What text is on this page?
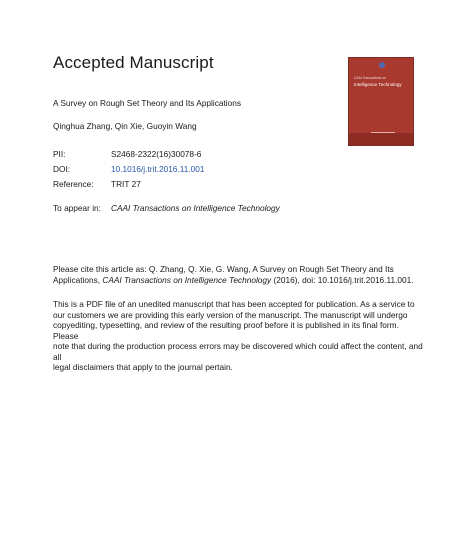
Accepted Manuscript
CAAI Transactions on
Intelligence Technology
A Survey on Rough Set Theory and Its Applications
Qinghua Zhang, Qin Xie, Guoyin Wang
PII:	S2468-2322(16)30078-6
DOI:	10.1016/j.trit.2016.11.001
Reference:	TRIT 27
To appear in:	CAAI Transactions on Intelligence Technology
Please cite this article as: Q. Zhang, Q. Xie, G. Wang, A Survey on Rough Set Theory and Its
Applications, CAAI Transactions on Intelligence Technology (2016), doi: 10.1016/j.trit.2016.11.001.
This is a PDF file of an unedited manuscript that has been accepted for publication. As a service to
our customers we are providing this early version of the manuscript. The manuscript will undergo
copyediting, typesetting, and review of the resulting proof before it is published in its final form. Please
note that during the production process errors may be discovered which could affect the content, and all
legal disclaimers that apply to the journal pertain.
